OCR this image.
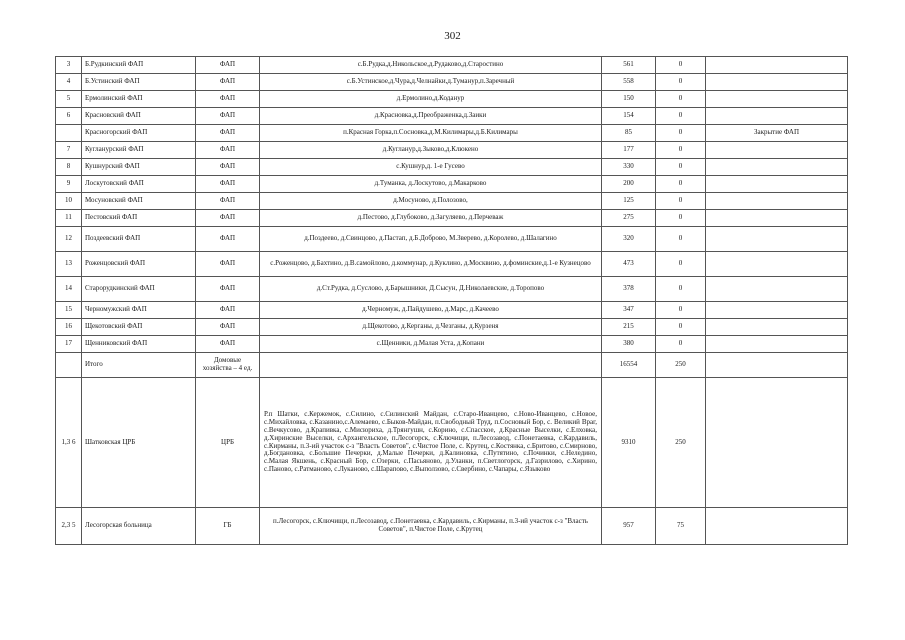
302
3	Б.Рудкинский ФАП	ФАП	с.Б.Рудка,д.Никольское,д.Рудаково,д.Старостино	561	0	
4	Б.Устинский ФАП	ФАП	с.Б.Устинское,д.Чура,д.Челнайки,д.Туманур,п.Заречный	558	0	
5	Ермолинский ФАП	ФАП	д.Ермолино,д.Коданур	150	0	
6	Красновский ФАП	ФАП	д.Красновка,д.Преображенка,д.Заики	154	0	
	Красногорский ФАП	ФАП	п.Красная Горка,п.Сосновка,д.М.Килимары,д.Б.Килимары	85	0	Закрытие ФАП
7	Кугланурский ФАП	ФАП	д.Кугланур,д.Зыково,д.Клюкено	177	0	
8	Кушнурский ФАП	ФАП	с.Кушнур,д. 1-е Гусево	330	0	
9	Лоскутовский ФАП	ФАП	д.Туманка, д.Лоскутово, д.Макарково	200	0	
10	Мосуновский ФАП	ФАП	д.Мосуново, д.Полозово,	125	0	
11	Пестовский ФАП	ФАП	д.Пестово, д.Глубоково, д.Загуляево, д.Перчеваж	275	0	
12	Поздеевский ФАП	ФАП	д.Поздеево, д.Свинцово, д.Пастап, д.Б.Доброво, М.Зверево, д.Королево, д.Шалагино	320	0	
13	Роженцовский ФАП	ФАП	с.Роженцово, д.Бахтино, д.В.самойлово, д.коммунар, д.Куклино, д.Москвино, д.фоминские,д.1-е Кузнецово	473	0	
14	Старорудкинский ФАП	ФАП	д.Ст.Рудка, д.Суслово, д.Барышники, Д.Сысун, Д.Николаевские, д.Торопово	378	0	
15	Черномужский ФАП	ФАП	д.Черномуж, д.Пайдушево, д.Марс, д.Качеево	347	0	
16	Щекотовский ФАП	ФАП	д.Щекотово, д.Керганы, д.Чезганы, д.Курзеня	215	0	
17	Щенниковский ФАП	ФАП	с.Щенники, д.Малая Уста, д.Копани	380	0	
	Итого	Домовые хозяйства – 4 ед.		16554	250	
1,3 6	Шатковская ЦРБ	ЦРБ	Р.п Шатки, с.Кержемок, с.Силино, с.Силинский Майдан, с.Старо-Иванцево, с.Ново-Иванцево, с.Новое, с.Михайловка, с.Казанино,с.Алемаево, с.Быков-Майдан, п.Свободный Труд, п.Сосновый Бор, с. Великий Враг, с.Вечкусово, д.Крапивка, с.Мисюриха, д.Трянгушн, с.Корино, с.Спасское, д.Красные Выселки, с.Елховка, д.Хиринские Выселки, с.Архангельское, п.Лесогорск, с.Ключищи, п.Лесозавод, с.Понетаевка, с.Кардавиль, с.Кирманы, п.3-ий участок с-з "Власть Советов", с.Чистое Поле, с. Крутец, с.Костянка, с.Бритово, с.Смирново, д.Богдановка, с.Большие Печерки, д.Малые Печерки, д.Калиновка, с.Путятино, с.Починки, с.Неледино, с.Малая Якшень, с.Красный Бор, с.Озерки, с.Пасьяново, д.Уланки, п.Светлогорск, д.Газрилово, с.Хирино, с.Паново, с.Ратманово, с.Луканово, с.Шарапово, с.Выползово, с.Свербино, с.Чапары, с.Языково	9310	250	
2,3 5	Лесогорская больница	ГБ	п.Лесогорск, с.Ключищи, п.Лесозавод, с.Понетаевка, с.Кардавиль, с.Кирманы, п.3-ий участок с-з "Власть Советов", п.Чистое Поле, с.Крутец	957	75	
